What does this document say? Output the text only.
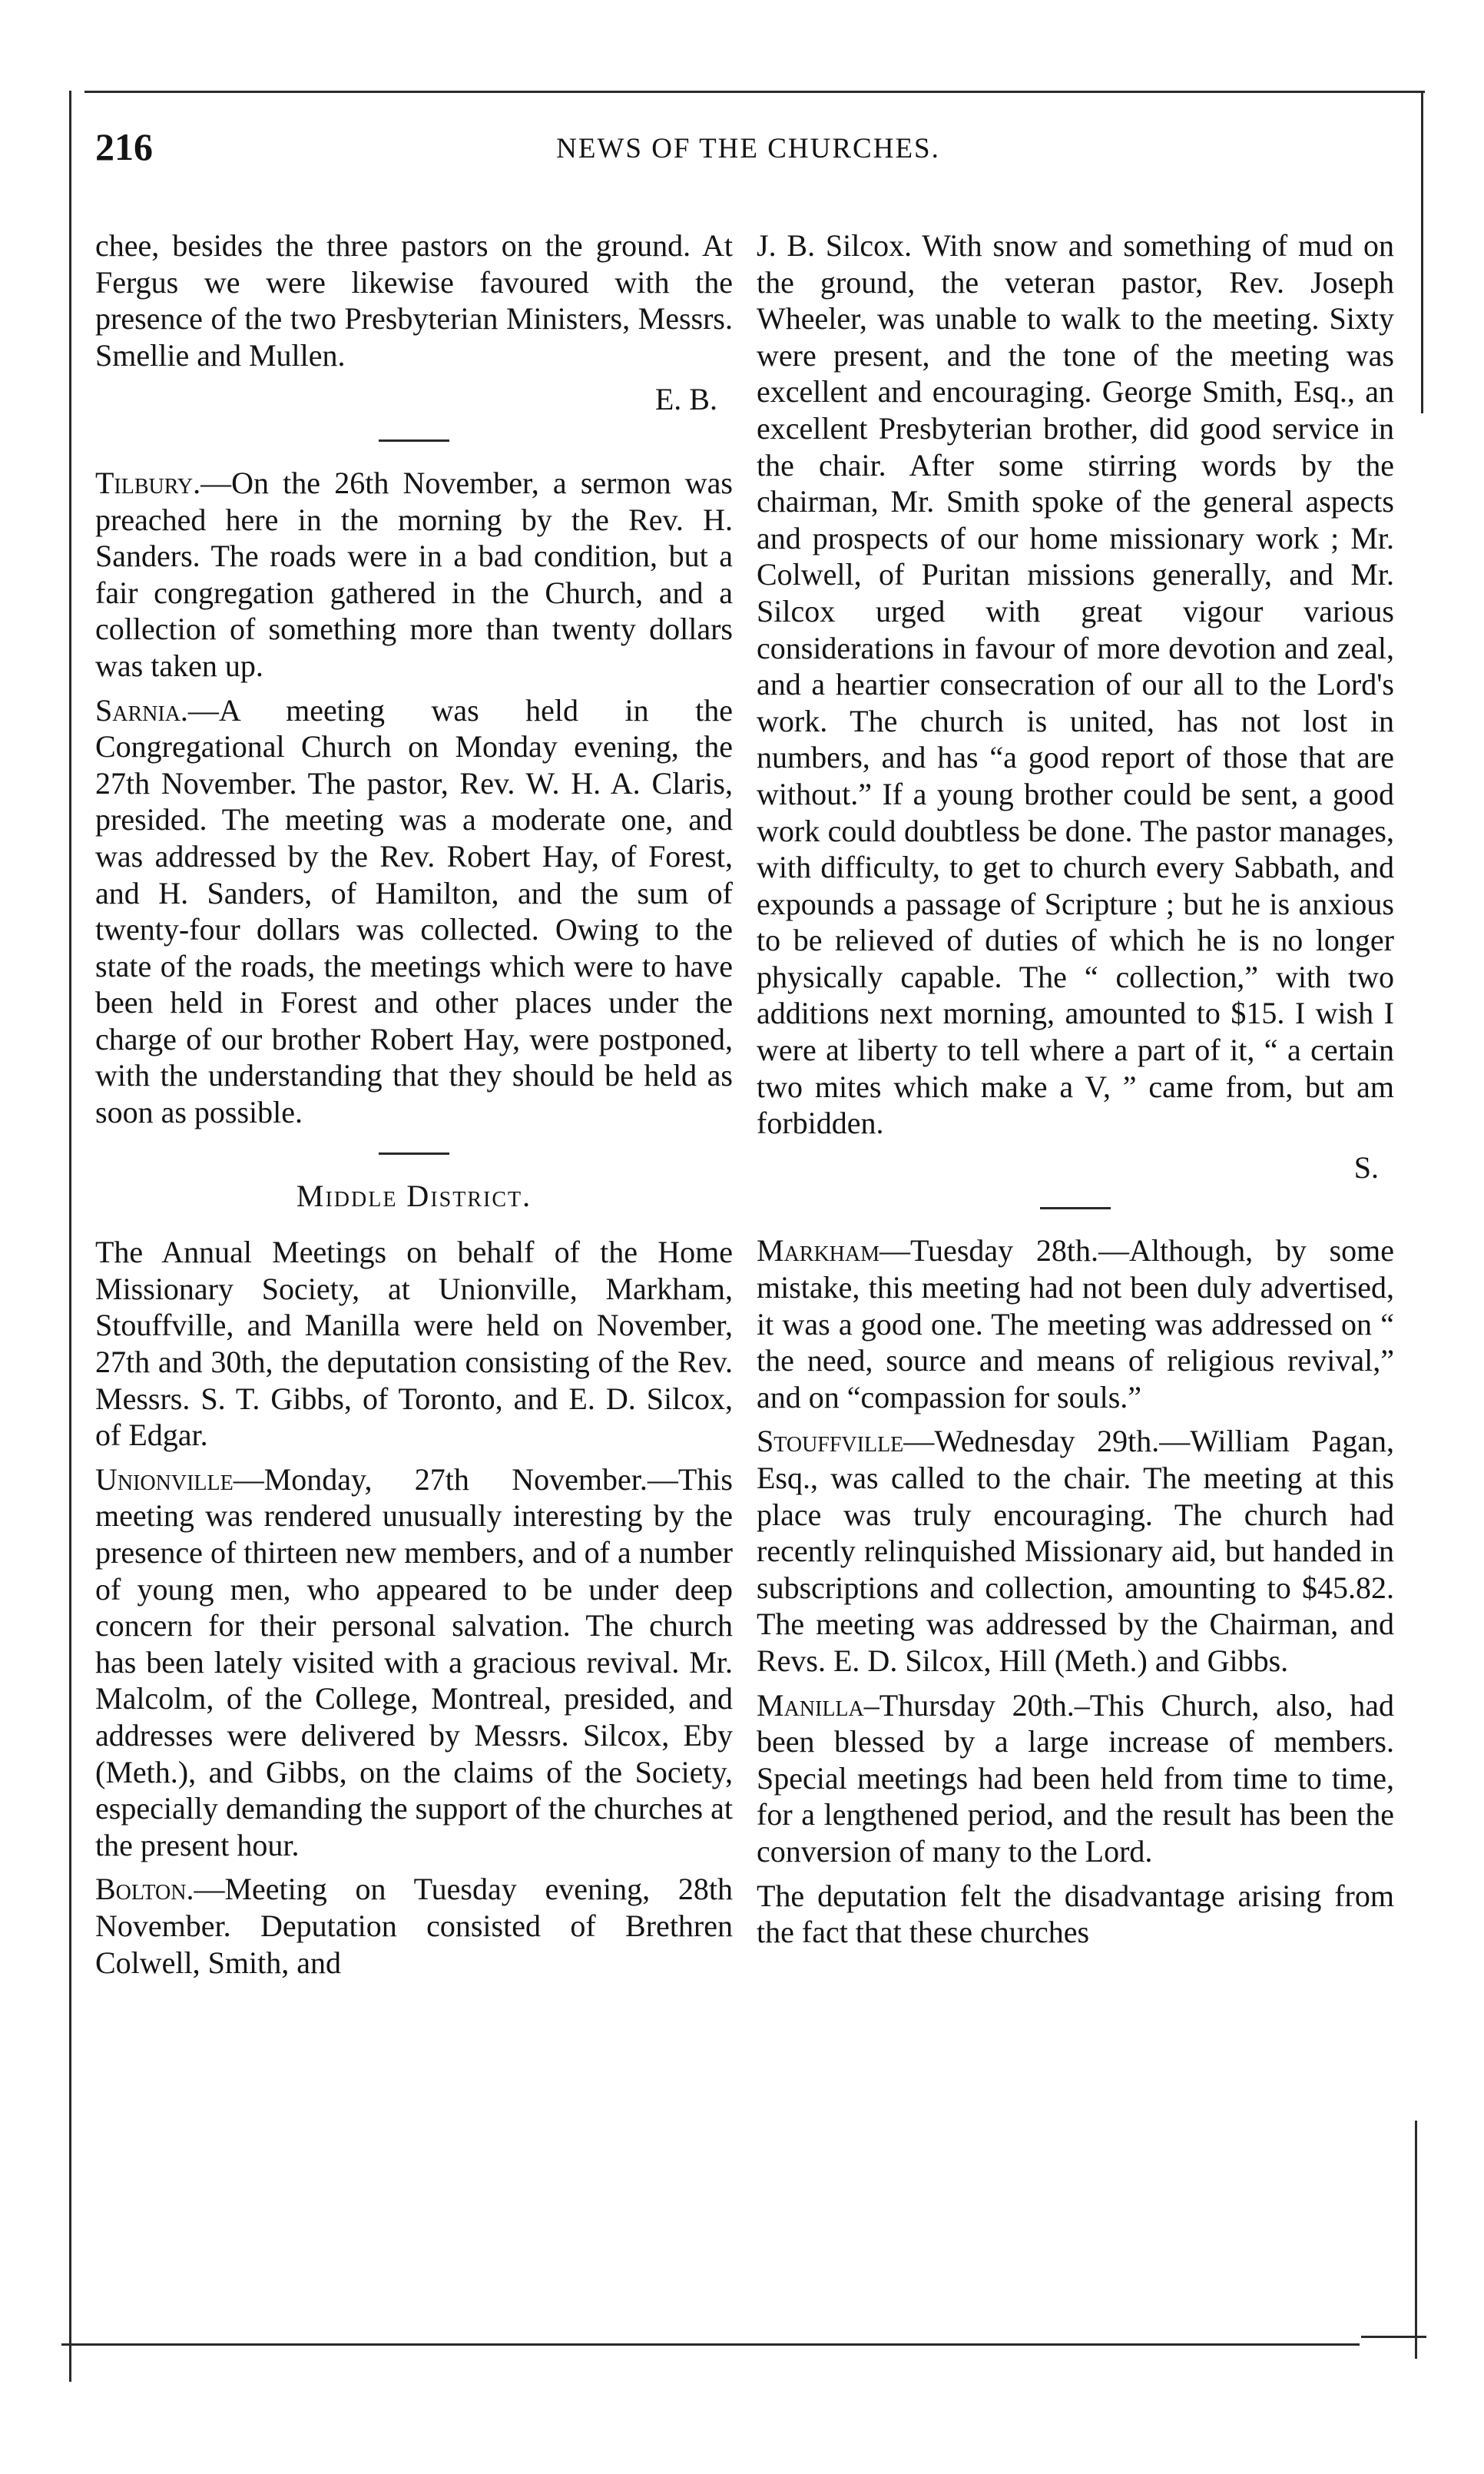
216	NEWS OF THE CHURCHES.

chee, besides the three pastors on the ground. At Fergus we were likewise favoured with the presence of the two Presbyterian Ministers, Messrs. Smellie and Mullen.

E. B.

Tilbury.—On the 26th November, a sermon was preached here in the morning by the Rev. H. Sanders. The roads were in a bad condition, but a fair congregation gathered in the Church, and a collection of something more than twenty dollars was taken up.

Sarnia.—A meeting was held in the Congregational Church on Monday evening, the 27th November. The pastor, Rev. W. H. A. Claris, presided. The meeting was a moderate one, and was addressed by the Rev. Robert Hay, of Forest, and H. Sanders, of Hamilton, and the sum of twenty-four dollars was collected. Owing to the state of the roads, the meetings which were to have been held in Forest and other places under the charge of our brother Robert Hay, were postponed, with the understanding that they should be held as soon as possible.

Middle District.

The Annual Meetings on behalf of the Home Missionary Society, at Unionville, Markham, Stouffville, and Manilla were held on November, 27th and 30th, the deputation consisting of the Rev. Messrs. S. T. Gibbs, of Toronto, and E. D. Silcox, of Edgar.

Unionville—Monday, 27th November.—This meeting was rendered unusually interesting by the presence of thirteen new members, and of a number of young men, who appeared to be under deep concern for their personal salvation. The church has been lately visited with a gracious revival. Mr. Malcolm, of the College, Montreal, presided, and addresses were delivered by Messrs. Silcox, Eby (Meth.), and Gibbs, on the claims of the Society, especially demanding the support of the churches at the present hour.

Bolton.—Meeting on Tuesday evening, 28th November. Deputation consisted of Brethren Colwell, Smith, and

J. B. Silcox. With snow and something of mud on the ground, the veteran pastor, Rev. Joseph Wheeler, was unable to walk to the meeting. Sixty were present, and the tone of the meeting was excellent and encouraging. George Smith, Esq., an excellent Presbyterian brother, did good service in the chair. After some stirring words by the chairman, Mr. Smith spoke of the general aspects and prospects of our home missionary work ; Mr. Colwell, of Puritan missions generally, and Mr. Silcox urged with great vigour various considerations in favour of more devotion and zeal, and a heartier consecration of our all to the Lord's work. The church is united, has not lost in numbers, and has “a good report of those that are without.” If a young brother could be sent, a good work could doubtless be done. The pastor manages, with difficulty, to get to church every Sabbath, and expounds a passage of Scripture ; but he is anxious to be relieved of duties of which he is no longer physically capable. The “ collection,” with two additions next morning, amounted to $15. I wish I were at liberty to tell where a part of it, “ a certain two mites which make a V, ” came from, but am forbidden.

S.

Markham—Tuesday 28th.—Although, by some mistake, this meeting had not been duly advertised, it was a good one. The meeting was addressed on “ the need, source and means of religious revival,” and on “compassion for souls.”

Stouffville—Wednesday 29th.—William Pagan, Esq., was called to the chair. The meeting at this place was truly encouraging. The church had recently relinquished Missionary aid, but handed in subscriptions and collection, amounting to $45.82. The meeting was addressed by the Chairman, and Revs. E. D. Silcox, Hill (Meth.) and Gibbs.

Manilla–Thursday 20th.–This Church, also, had been blessed by a large increase of members. Special meetings had been held from time to time, for a lengthened period, and the result has been the conversion of many to the Lord.

The deputation felt the disadvantage arising from the fact that these churches
